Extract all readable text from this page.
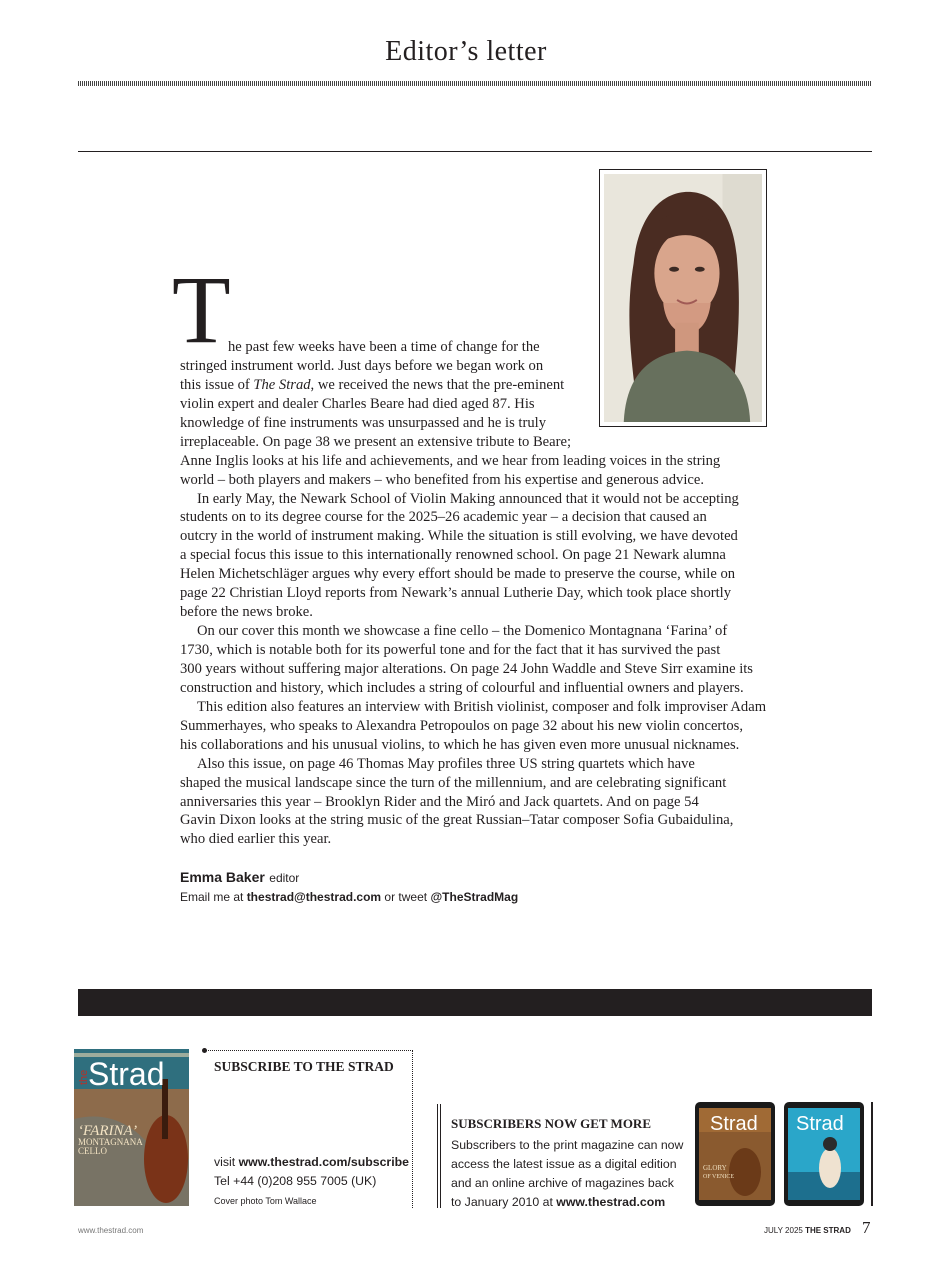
Editor’s letter
T
he past few weeks have been a time of change for the
stringed instrument world. Just days before we began work on
this issue of The Strad, we received the news that the pre-eminent
violin expert and dealer Charles Beare had died aged 87. His
knowledge of fine instruments was unsurpassed and he is truly
irreplaceable. On page 38 we present an extensive tribute to Beare;
Anne Inglis looks at his life and achievements, and we hear from leading voices in the string
world – both players and makers – who benefited from his expertise and generous advice.
In early May, the Newark School of Violin Making announced that it would not be accepting
students on to its degree course for the 2025–26 academic year – a decision that caused an
outcry in the world of instrument making. While the situation is still evolving, we have devoted
a special focus this issue to this internationally renowned school. On page 21 Newark alumna
Helen Michetschläger argues why every effort should be made to preserve the course, while on
page 22 Christian Lloyd reports from Newark’s annual Lutherie Day, which took place shortly
before the news broke.
On our cover this month we showcase a fine cello – the Domenico Montagnana ‘Farina’ of
1730, which is notable both for its powerful tone and for the fact that it has survived the past
300 years without suffering major alterations. On page 24 John Waddle and Steve Sirr examine its
construction and history, which includes a string of colourful and influential owners and players.
This edition also features an interview with British violinist, composer and folk improviser Adam
Summerhayes, who speaks to Alexandra Petropoulos on page 32 about his new violin concertos,
his collaborations and his unusual violins, to which he has given even more unusual nicknames.
Also this issue, on page 46 Thomas May profiles three US string quartets which have
shaped the musical landscape since the turn of the millennium, and are celebrating significant
anniversaries this year – Brooklyn Rider and the Miró and Jack quartets. And on page 54
Gavin Dixon looks at the string music of the great Russian–Tatar composer Sofia Gubaidulina,
who died earlier this year.
Emma Baker editor
Email me at thestrad@thestrad.com or tweet @TheStradMag
the
Strad
‘FARINA’
MONTAGNANA
CELLO
SUBSCRIBE TO THE STRAD
visit www.thestrad.com/subscribe
Tel +44 (0)208 955 7005 (UK)
Cover photo Tom Wallace
SUBSCRIBERS NOW GET MORE
Subscribers to the print magazine can now
access the latest issue as a digital edition
and an online archive of magazines back
to January 2010 at www.thestrad.com
Strad
GLORY
OF VENICE
Strad
www.thestrad.com	JULY 2025 THE STRAD 7
